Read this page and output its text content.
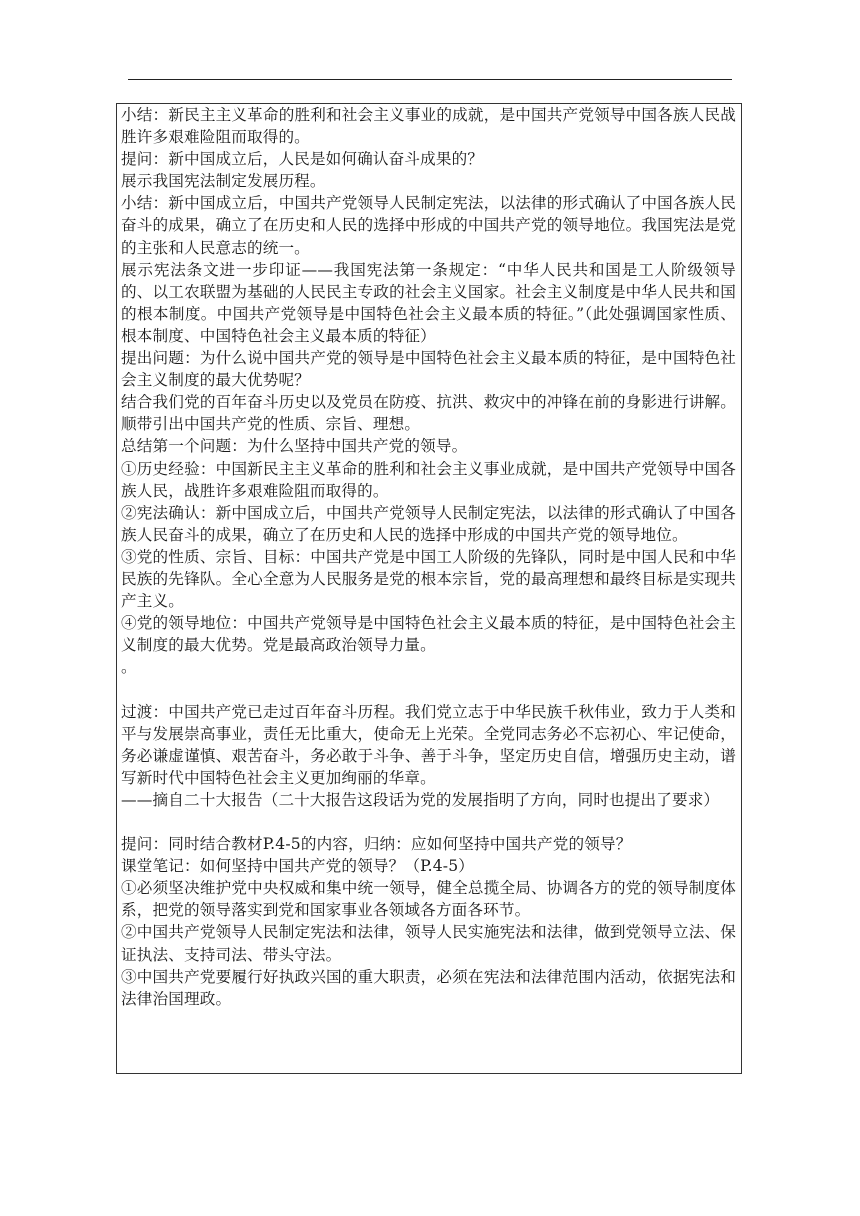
小结：新民主主义革命的胜利和社会主义事业的成就，是中国共产党领导中国各族人民战胜许多艰难险阻而取得的。

提问：新中国成立后，人民是如何确认奋斗成果的？

展示我国宪法制定发展历程。

小结：新中国成立后，中国共产党领导人民制定宪法，以法律的形式确认了中国各族人民奋斗的成果，确立了在历史和人民的选择中形成的中国共产党的领导地位。我国宪法是党的主张和人民意志的统一。

展示宪法条文进一步印证——我国宪法第一条规定：“中华人民共和国是工人阶级领导的、以工农联盟为基础的人民民主专政的社会主义国家。社会主义制度是中华人民共和国的根本制度。中国共产党领导是中国特色社会主义最本质的特征。”（此处强调国家性质、根本制度、中国特色社会主义最本质的特征）

提出问题：为什么说中国共产党的领导是中国特色社会主义最本质的特征，是中国特色社会主义制度的最大优势呢？

结合我们党的百年奋斗历史以及党员在防疫、抗洪、救灾中的冲锋在前的身影进行讲解。顺带引出中国共产党的性质、宗旨、理想。

总结第一个问题：为什么坚持中国共产党的领导。

①历史经验：中国新民主主义革命的胜利和社会主义事业成就，是中国共产党领导中国各族人民，战胜许多艰难险阻而取得的。

②宪法确认：新中国成立后，中国共产党领导人民制定宪法，以法律的形式确认了中国各族人民奋斗的成果，确立了在历史和人民的选择中形成的中国共产党的领导地位。

③党的性质、宗旨、目标：中国共产党是中国工人阶级的先锋队，同时是中国人民和中华民族的先锋队。全心全意为人民服务是党的根本宗旨，党的最高理想和最终目标是实现共产主义。

④党的领导地位：中国共产党领导是中国特色社会主义最本质的特征，是中国特色社会主义制度的最大优势。党是最高政治领导力量。

。

过渡：中国共产党已走过百年奋斗历程。我们党立志于中华民族千秋伟业，致力于人类和平与发展崇高事业，责任无比重大，使命无上光荣。全党同志务必不忘初心、牢记使命，务必谦虚谨慎、艰苦奋斗，务必敢于斗争、善于斗争，坚定历史自信，增强历史主动，谱写新时代中国特色社会主义更加绚丽的华章。

——摘自二十大报告（二十大报告这段话为党的发展指明了方向，同时也提出了要求）

提问：同时结合教材P.4-5的内容，归纳：应如何坚持中国共产党的领导？

课堂笔记：如何坚持中国共产党的领导？（P.4-5）

①必须坚决维护党中央权威和集中统一领导，健全总揽全局、协调各方的党的领导制度体系，把党的领导落实到党和国家事业各领域各方面各环节。

②中国共产党领导人民制定宪法和法律，领导人民实施宪法和法律，做到党领导立法、保证执法、支持司法、带头守法。

③中国共产党要履行好执政兴国的重大职责，必须在宪法和法律范围内活动，依据宪法和法律治国理政。
